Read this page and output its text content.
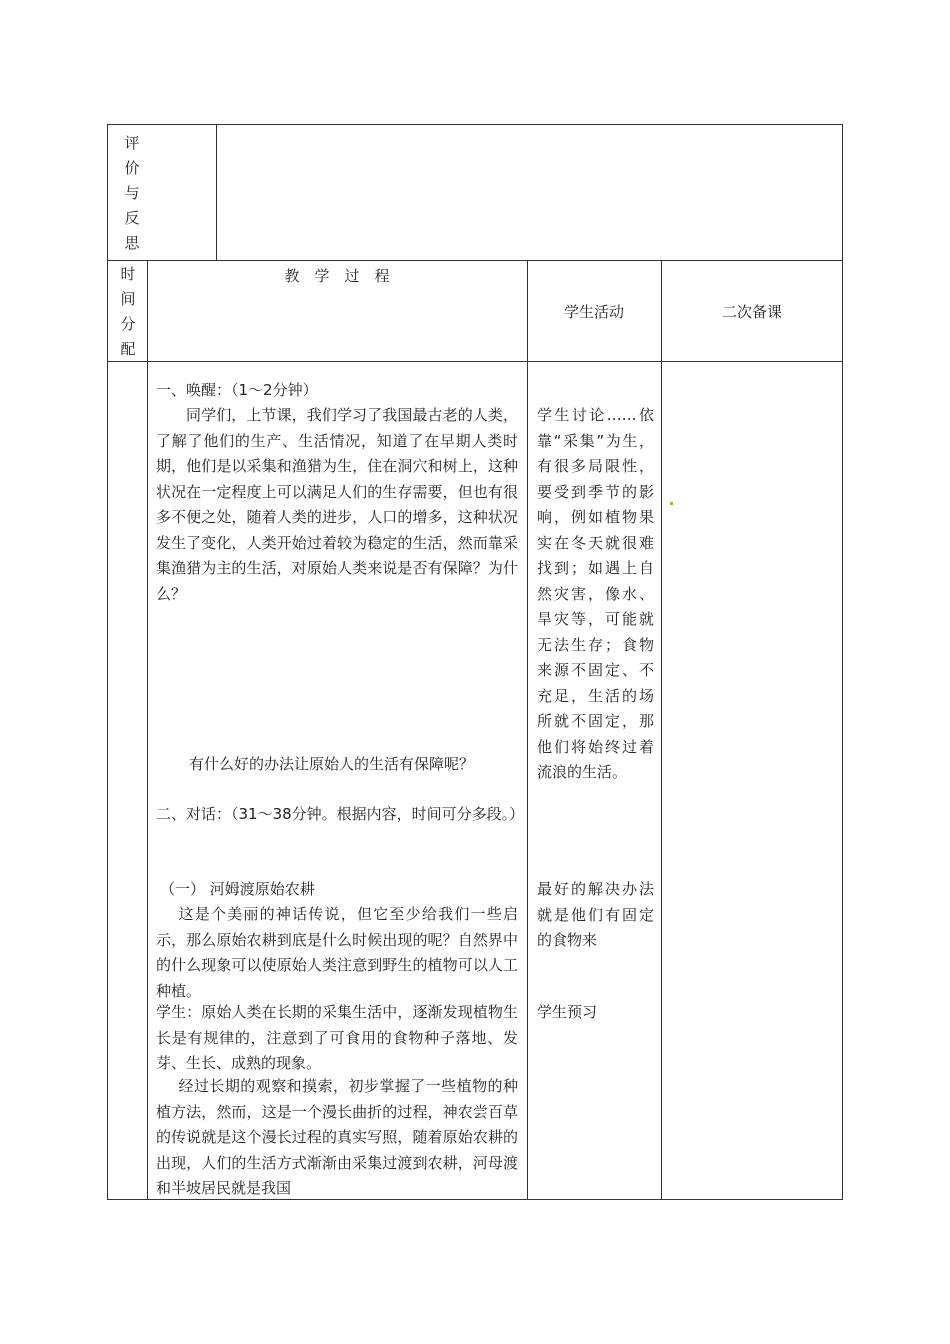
评
价
与
反
思
时
间
分
配
教　学　过　程
学生活动	二次备课
一、唤醒：（1～2分钟）
同学们，上节课，我们学习了我国最古老的人类，了解了他们的生产、生活情况，知道了在早期人类时期，他们是以采集和渔猎为生，住在洞穴和树上，这种状况在一定程度上可以满足人们的生存需要，但也有很多不便之处，随着人类的进步，人口的增多，这种状况发生了变化，人类开始过着较为稳定的生活，然而靠采集渔猎为主的生活，对原始人类来说是否有保障？为什么？
有什么好的办法让原始人的生活有保障呢？
二、对话：（31～38分钟。根据内容，时间可分多段。）
（一） 河姆渡原始农耕
这是个美丽的神话传说，但它至少给我们一些启示，那么原始农耕到底是什么时候出现的呢？自然界中的什么现象可以使原始人类注意到野生的植物可以人工种植。
学生：原始人类在长期的采集生活中，逐渐发现植物生长是有规律的，注意到了可食用的食物种子落地、发芽、生长、成熟的现象。
经过长期的观察和摸索，初步掌握了一些植物的种植方法，然而，这是一个漫长曲折的过程，神农尝百草的传说就是这个漫长过程的真实写照，随着原始农耕的出现，人们的生活方式渐渐由采集过渡到农耕，河母渡和半坡居民就是我国
学生讨论……依靠“采集”为生，有很多局限性，要受到季节的影响，例如植物果实在冬天就很难找到；如遇上自然灾害，像水、旱灾等，可能就无法生存；食物来源不固定、不充足，生活的场所就不固定，那他们将始终过着流浪的生活。
最好的解决办法就是他们有固定的食物来
学生预习
